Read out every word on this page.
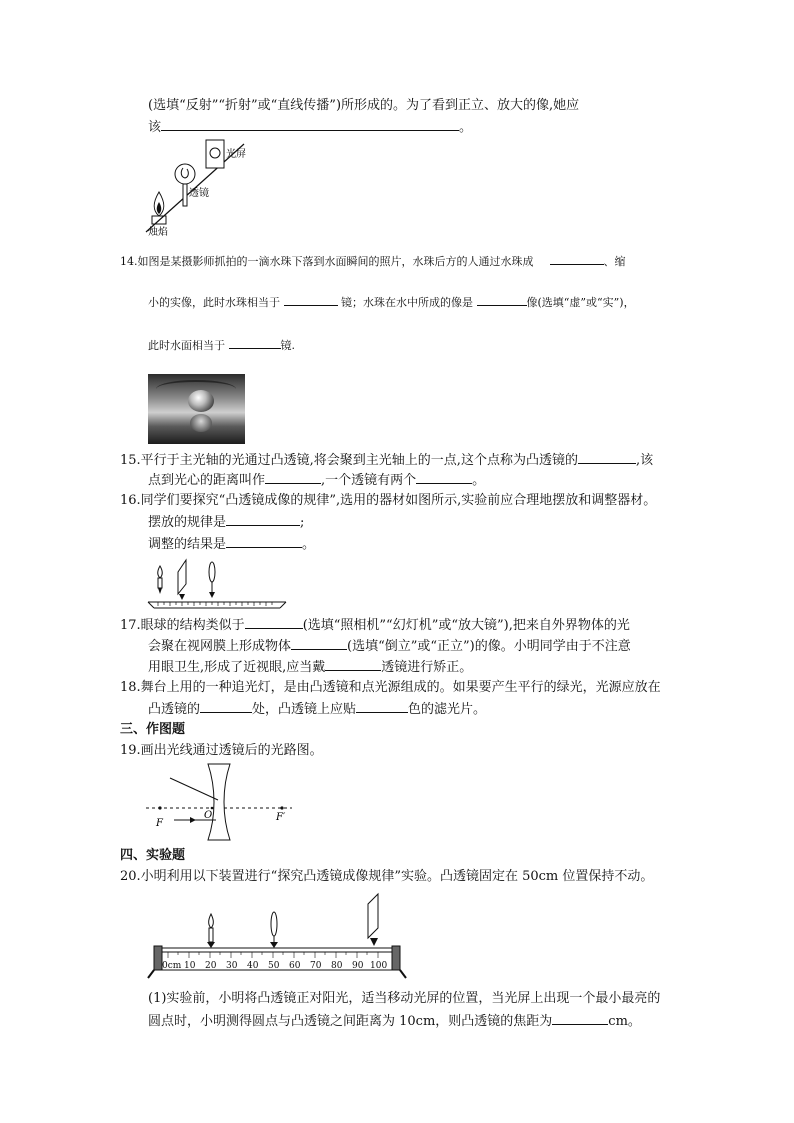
(选填“反射”“折射”或“直线传播”)所形成的。为了看到正立、放大的像,她应
该	。
光屏
透镜
烛焰
14.如图是某摄影师抓拍的一滴水珠下落到水面瞬间的照片，水珠后方的人通过水珠成	、缩
小的实像，此时水珠相当于	镜；水珠在水中所成的像是	像(选填“虚”或“实”)，
此时水面相当于	镜.
15.平行于主光轴的光通过凸透镜,将会聚到主光轴上的一点,这个点称为凸透镜的	,该
点到光心的距离叫作	,一个透镜有两个	。
16.同学们要探究“凸透镜成像的规律”,选用的器材如图所示,实验前应合理地摆放和调整器材。
摆放的规律是	;
调整的结果是	。
17.眼球的结构类似于	(选填“照相机”“幻灯机”或“放大镜”),把来自外界物体的光
会聚在视网膜上形成物体	(选填“倒立”或“正立”)的像。小明同学由于不注意
用眼卫生,形成了近视眼,应当戴	透镜进行矫正。
18.舞台上用的一种追光灯，是由凸透镜和点光源组成的。如果要产生平行的绿光，光源应放在
凸透镜的	处，凸透镜上应贴	色的滤光片。
三、作图题
19.画出光线通过透镜后的光路图。
F
O	F′
四、实验题
20.小明利用以下装置进行“探究凸透镜成像规律”实验。凸透镜固定在 50cm 位置保持不动。
0cm 10 20 30 40 50 60 70 80 90 100
(1)实验前，小明将凸透镜正对阳光，适当移动光屏的位置，当光屏上出现一个最小最亮的
圆点时，小明测得圆点与凸透镜之间距离为 10cm，则凸透镜的焦距为	cm。
